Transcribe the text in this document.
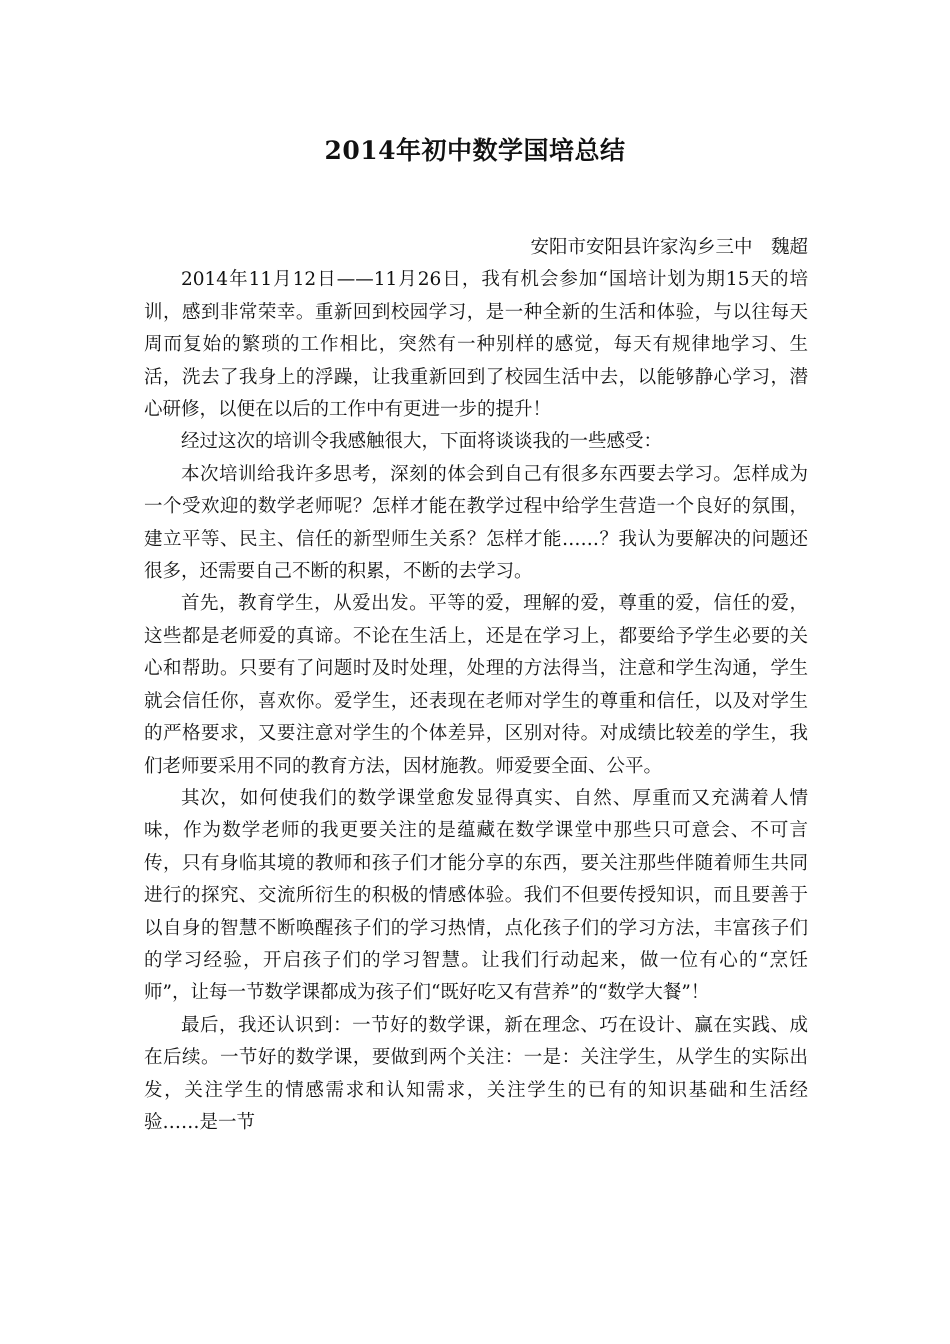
2014年初中数学国培总结

安阳市安阳县许家沟乡三中　魏超

2014年11月12日——11月26日，我有机会参加“国培计划为期15天的培训，感到非常荣幸。重新回到校园学习，是一种全新的生活和体验，与以往每天周而复始的繁琐的工作相比，突然有一种别样的感觉，每天有规律地学习、生活，洗去了我身上的浮躁，让我重新回到了校园生活中去，以能够静心学习，潜心研修，以便在以后的工作中有更进一步的提升！

经过这次的培训令我感触很大，下面将谈谈我的一些感受：

本次培训给我许多思考，深刻的体会到自己有很多东西要去学习。怎样成为一个受欢迎的数学老师呢？怎样才能在教学过程中给学生营造一个良好的氛围，建立平等、民主、信任的新型师生关系？怎样才能……？我认为要解决的问题还很多，还需要自己不断的积累，不断的去学习。

首先，教育学生，从爱出发。平等的爱，理解的爱，尊重的爱，信任的爱，这些都是老师爱的真谛。不论在生活上，还是在学习上，都要给予学生必要的关心和帮助。只要有了问题时及时处理，处理的方法得当，注意和学生沟通，学生就会信任你，喜欢你。爱学生，还表现在老师对学生的尊重和信任，以及对学生的严格要求，又要注意对学生的个体差异，区别对待。对成绩比较差的学生，我们老师要采用不同的教育方法，因材施教。师爱要全面、公平。

其次，如何使我们的数学课堂愈发显得真实、自然、厚重而又充满着人情味，作为数学老师的我更要关注的是蕴藏在数学课堂中那些只可意会、不可言传，只有身临其境的教师和孩子们才能分享的东西，要关注那些伴随着师生共同进行的探究、交流所衍生的积极的情感体验。我们不但要传授知识，而且要善于以自身的智慧不断唤醒孩子们的学习热情，点化孩子们的学习方法，丰富孩子们的学习经验，开启孩子们的学习智慧。让我们行动起来，做一位有心的“烹饪师”，让每一节数学课都成为孩子们“既好吃又有营养”的“数学大餐”！

最后，我还认识到：一节好的数学课，新在理念、巧在设计、赢在实践、成在后续。一节好的数学课，要做到两个关注：一是：关注学生，从学生的实际出发，关注学生的情感需求和认知需求，关注学生的已有的知识基础和生活经验……是一节
